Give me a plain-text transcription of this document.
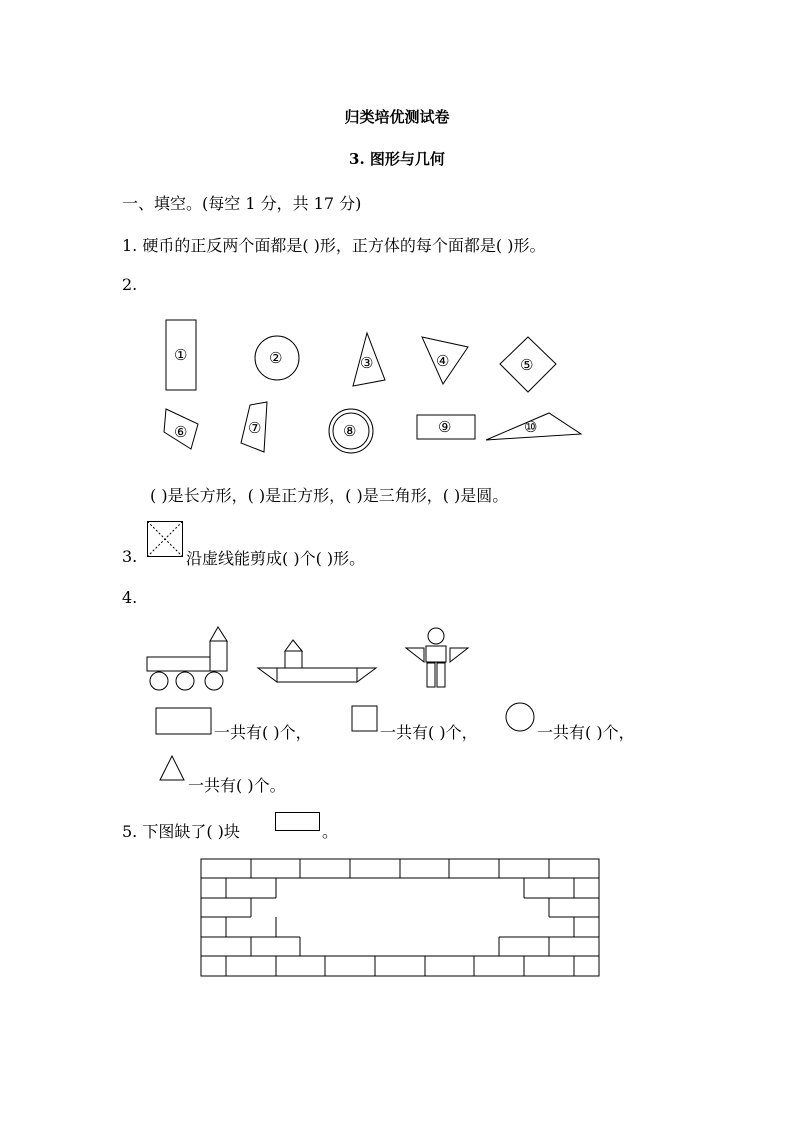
归类培优测试卷
3. 图形与几何
一、填空。(每空 1 分，共 17 分)
1. 硬币的正反两个面都是( )形，正方体的每个面都是( )形。
2.
①	②	③	④	⑤
⑥	⑦	⑧	⑨	⑩
( )是长方形，( )是正方形，( )是三角形，( )是圆。
3.	沿虚线能剪成( )个( )形。
4.
一共有( )个，	一共有( )个，	一共有( )个，
一共有( )个。
5. 下图缺了( )块	。
